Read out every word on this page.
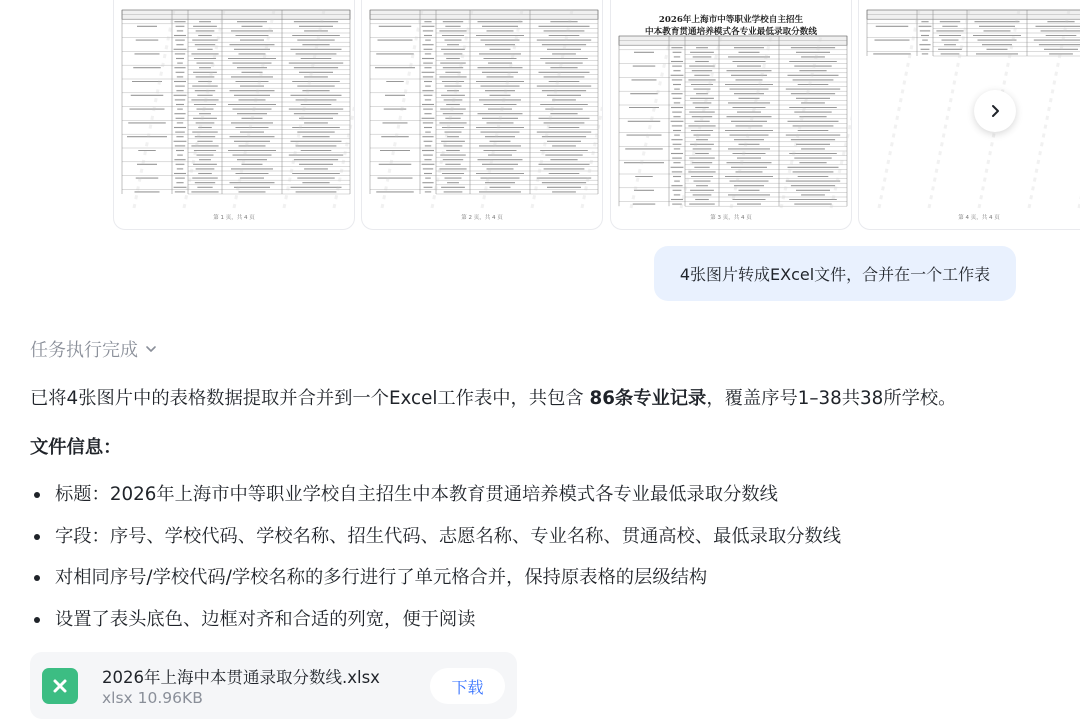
第 1 页，共 4 页	第 2 页，共 4 页
2026年上海市中等职业学校自主招生
中本教育贯通培养模式各专业最低录取分数线
第 3 页，共 4 页	第 4 页，共 4 页
4张图片转成EXcel文件，合并在一个工作表
任务执行完成
已将4张图片中的表格数据提取并合并到一个Excel工作表中，共包含 86条专业记录，覆盖序号1–38共38所学校。
文件信息：
标题：2026年上海市中等职业学校自主招生中本教育贯通培养模式各专业最低录取分数线
字段：序号、学校代码、学校名称、招生代码、志愿名称、专业名称、贯通高校、最低录取分数线
对相同序号/学校代码/学校名称的多行进行了单元格合并，保持原表格的层级结构
设置了表头底色、边框对齐和合适的列宽，便于阅读
2026年上海中本贯通录取分数线.xlsx
xlsx 10.96KB
下载
